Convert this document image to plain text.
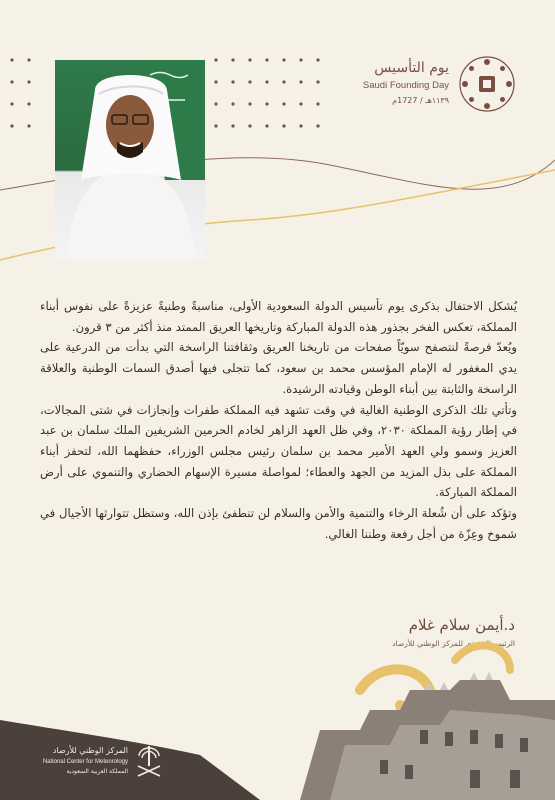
يوم التأسيس
Saudi Founding Day
١١٣٩هـ / 1727م

يُشكل الاحتفال بذكرى يوم تأسيس الدولة السعودية الأولى، مناسبةً وطنيةً عزيزةً على نفوس أبناء المملكة، تعكس الفخر بجذور هذه الدولة المباركة وتاريخها العريق الممتد منذ أكثر من ٣ قرون.

ويُعدّ فرصةً لنتصفح سويّاً صفحات من تاريخنا العريق وثقافتنا الراسخة التي بدأت من الدرعية على يدي المغفور له الإمام المؤسس محمد بن سعود، كما تتجلى فيها أصدق السمات الوطنية والعلاقة الراسخة والثابتة بين أبناء الوطن وقيادته الرشيدة.

وتأتي تلك الذكرى الوطنية الغالية في وقت تشهد فيه المملكة طفرات وإنجازات في شتى المجالات، في إطار رؤية المملكة ٢٠٣٠، وفي ظل العهد الزاهر لخادم الحرمين الشريفين الملك سلمان بن عبد العزيز وسمو ولي العهد الأمير محمد بن سلمان رئيس مجلس الوزراء، حفظهما الله، لتحفز أبناء المملكة على بذل المزيد من الجهد والعطاء؛ لمواصلة مسيرة الإسهام الحضاري والتنموي على أرض المملكة المباركة.

وتؤكد على أن شُعلة الرخاء والتنمية والأمن والسلام لن تنطفئ بإذن الله، وستظل تتوارثها الأجيال في شموخ وعِزّة من أجل رفعة وطننا الغالي.

د.أيمن سلام غلام
الرئيس التنفيذي للمركز الوطني للأرصاد
المركز الوطني للأرصاد
National Center for Meteorology
المملكة العربية السعودية
